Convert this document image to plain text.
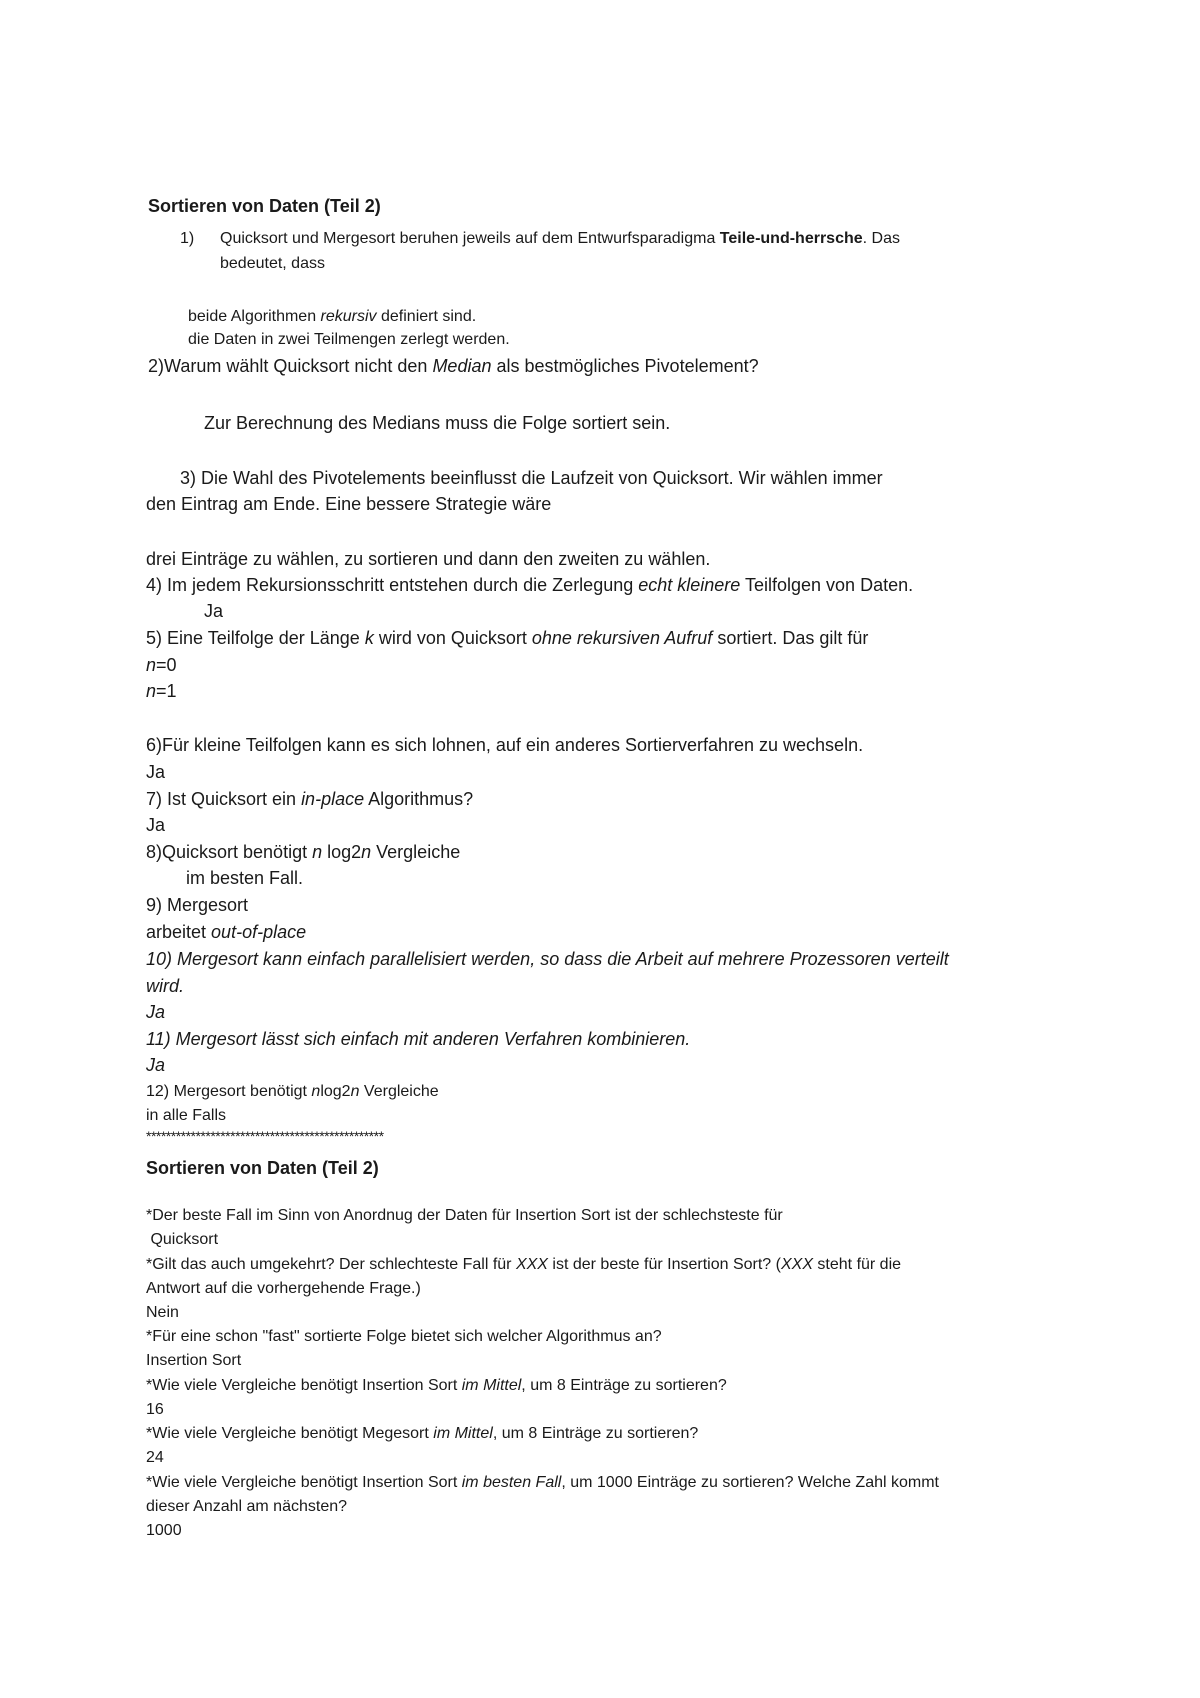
Sortieren von Daten (Teil 2)
1) Quicksort und Mergesort beruhen jeweils auf dem Entwurfsparadigma Teile-und-herrsche. Das
bedeutet, dass
beide Algorithmen rekursiv definiert sind.
die Daten in zwei Teilmengen zerlegt werden.
2)Warum wählt Quicksort nicht den Median als bestmögliches Pivotelement?
Zur Berechnung des Medians muss die Folge sortiert sein.
3) Die Wahl des Pivotelements beeinflusst die Laufzeit von Quicksort. Wir wählen immer
den Eintrag am Ende. Eine bessere Strategie wäre
drei Einträge zu wählen, zu sortieren und dann den zweiten zu wählen.
4) Im jedem Rekursionsschritt entstehen durch die Zerlegung echt kleinere Teilfolgen von Daten.
Ja
5) Eine Teilfolge der Länge k wird von Quicksort ohne rekursiven Aufruf sortiert. Das gilt für
n=0
n=1
6)Für kleine Teilfolgen kann es sich lohnen, auf ein anderes Sortierverfahren zu wechseln.
Ja
7) Ist Quicksort ein in-place Algorithmus?
Ja
8)Quicksort benötigt n log2n Vergleiche
im besten Fall.
9) Mergesort
arbeitet out-of-place
10) Mergesort kann einfach parallelisiert werden, so dass die Arbeit auf mehrere Prozessoren verteilt
wird.
Ja
11) Mergesort lässt sich einfach mit anderen Verfahren kombinieren.
Ja
12) Mergesort benötigt nlog2n Vergleiche
in alle Falls
************************************************
Sortieren von Daten (Teil 2)
*Der beste Fall im Sinn von Anordnug der Daten für Insertion Sort ist der schlechsteste für
Quicksort
*Gilt das auch umgekehrt? Der schlechteste Fall für XXX ist der beste für Insertion Sort? (XXX steht für die
Antwort auf die vorhergehende Frage.)
Nein
*Für eine schon "fast" sortierte Folge bietet sich welcher Algorithmus an?
Insertion Sort
*Wie viele Vergleiche benötigt Insertion Sort im Mittel, um 8 Einträge zu sortieren?
16
*Wie viele Vergleiche benötigt Megesort im Mittel, um 8 Einträge zu sortieren?
24
*Wie viele Vergleiche benötigt Insertion Sort im besten Fall, um 1000 Einträge zu sortieren? Welche Zahl kommt
dieser Anzahl am nächsten?
1000
